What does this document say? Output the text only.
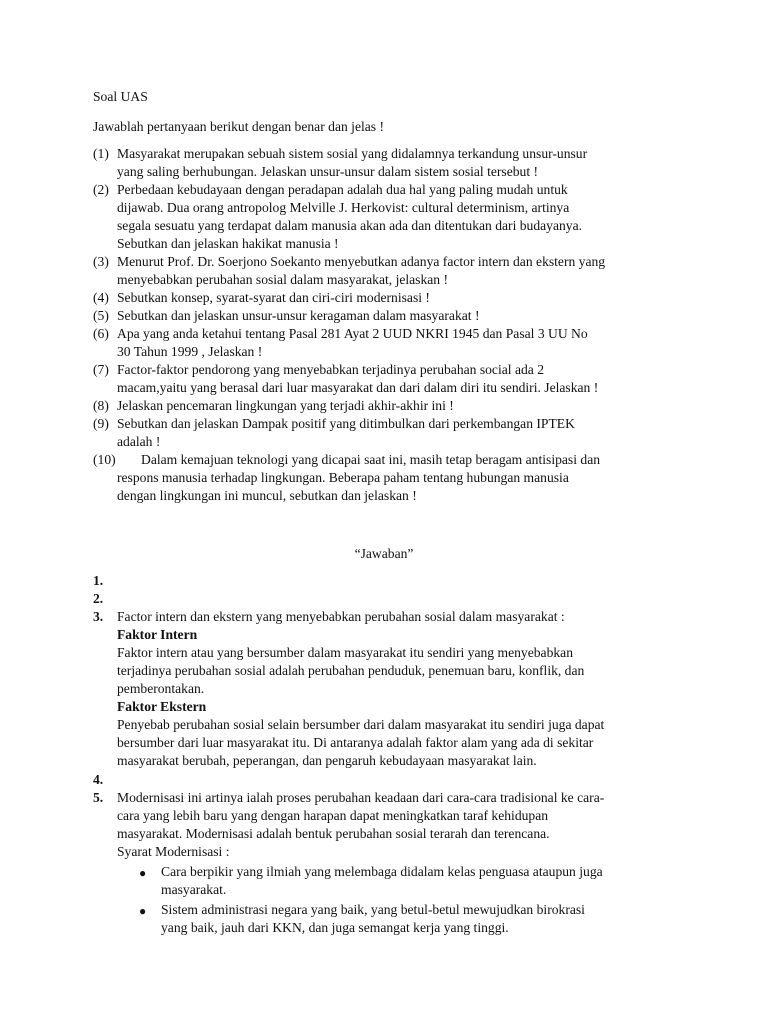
Soal UAS
Jawablah pertanyaan berikut dengan benar dan jelas !
(1) Masyarakat merupakan sebuah sistem sosial yang didalamnya terkandung unsur-unsur
yang saling berhubungan. Jelaskan unsur-unsur dalam sistem sosial tersebut !
(2) Perbedaan kebudayaan dengan peradapan adalah dua hal yang paling mudah untuk
dijawab. Dua orang antropolog Melville J. Herkovist: cultural determinism, artinya
segala sesuatu yang terdapat dalam manusia akan ada dan ditentukan dari budayanya.
Sebutkan dan jelaskan hakikat manusia !
(3) Menurut Prof. Dr. Soerjono Soekanto menyebutkan adanya factor intern dan ekstern yang
menyebabkan perubahan sosial dalam masyarakat, jelaskan !
(4) Sebutkan konsep, syarat-syarat dan ciri-ciri modernisasi !
(5) Sebutkan dan jelaskan unsur-unsur keragaman dalam masyarakat !
(6) Apa yang anda ketahui tentang Pasal 281 Ayat 2 UUD NKRI 1945 dan Pasal 3 UU No
30 Tahun 1999 , Jelaskan !
(7) Factor-faktor pendorong yang menyebabkan terjadinya perubahan social ada 2
macam,yaitu yang berasal dari luar masyarakat dan dari dalam diri itu sendiri. Jelaskan !
(8) Jelaskan pencemaran lingkungan yang terjadi akhir-akhir ini !
(9) Sebutkan dan jelaskan Dampak positif yang ditimbulkan dari perkembangan IPTEK
adalah !
(10) Dalam kemajuan teknologi yang dicapai saat ini, masih tetap beragam antisipasi dan
respons manusia terhadap lingkungan. Beberapa paham tentang hubungan manusia
dengan lingkungan ini muncul, sebutkan dan jelaskan !
“Jawaban”
1.
2.
3. Factor intern dan ekstern yang menyebabkan perubahan sosial dalam masyarakat :
Faktor Intern
Faktor intern atau yang bersumber dalam masyarakat itu sendiri yang menyebabkan
terjadinya perubahan sosial adalah perubahan penduduk, penemuan baru, konflik, dan
pemberontakan.
Faktor Ekstern
Penyebab perubahan sosial selain bersumber dari dalam masyarakat itu sendiri juga dapat
bersumber dari luar masyarakat itu. Di antaranya adalah faktor alam yang ada di sekitar
masyarakat berubah, peperangan, dan pengaruh kebudayaan masyarakat lain.
4.
5. Modernisasi ini artinya ialah proses perubahan keadaan dari cara-cara tradisional ke cara-
cara yang lebih baru yang dengan harapan dapat meningkatkan taraf kehidupan
masyarakat. Modernisasi adalah bentuk perubahan sosial terarah dan terencana.
Syarat Modernisasi :
● Cara berpikir yang ilmiah yang melembaga didalam kelas penguasa ataupun juga
masyarakat.
● Sistem administrasi negara yang baik, yang betul-betul mewujudkan birokrasi
yang baik, jauh dari KKN, dan juga semangat kerja yang tinggi.
